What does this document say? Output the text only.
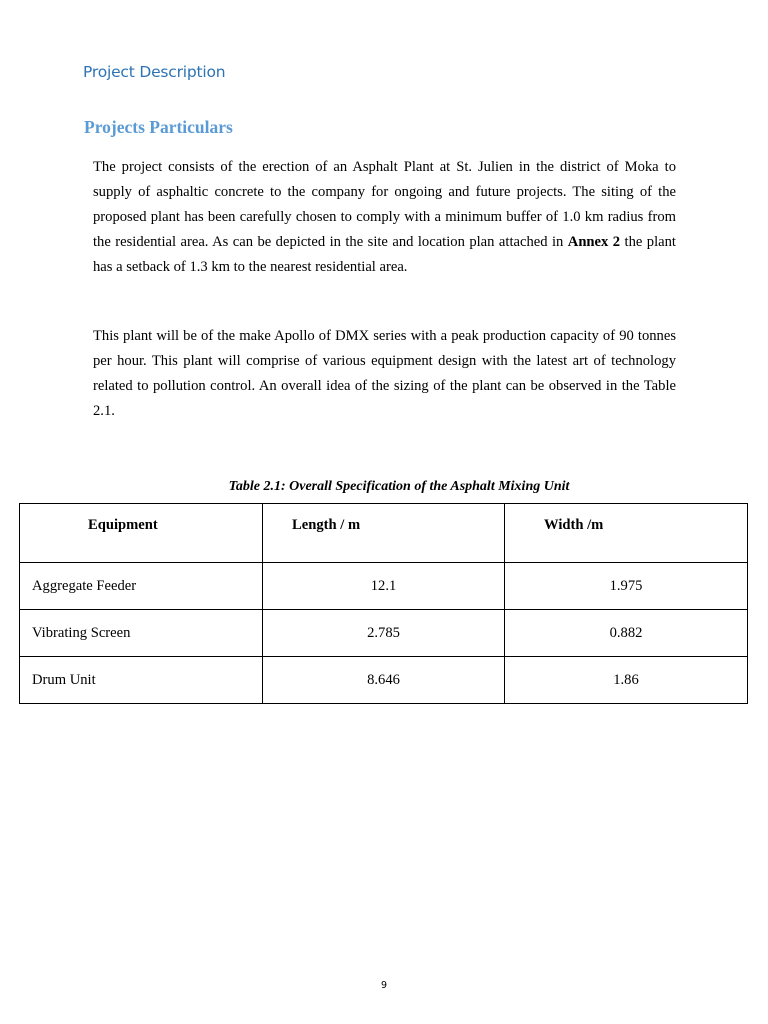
Project Description
Projects Particulars

The project consists of the erection of an Asphalt Plant at St. Julien in the district of Moka to supply of asphaltic concrete to the company for ongoing and future projects. The siting of the proposed plant has been carefully chosen to comply with a minimum buffer of 1.0 km radius from the residential area. As can be depicted in the site and location plan attached in Annex 2 the plant has a setback of 1.3 km to the nearest residential area.

This plant will be of the make Apollo of DMX series with a peak production capacity of 90 tonnes per hour. This plant will comprise of various equipment design with the latest art of technology related to pollution control. An overall idea of the sizing of the plant can be observed in the Table 2.1.

Table 2.1: Overall Specification of the Asphalt Mixing Unit
Equipment	Length / m	Width /m

Aggregate Feeder	12.1	1.975

Vibrating Screen	2.785	0.882

Drum Unit	8.646	1.86
9
